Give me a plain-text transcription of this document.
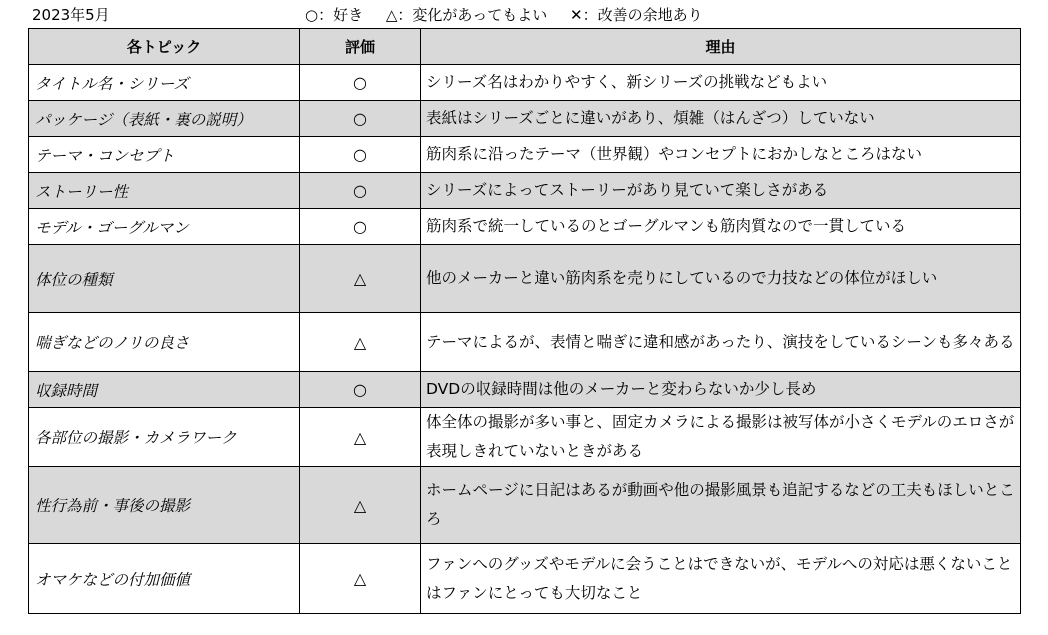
2023年5月	○：好き △：変化があってもよい ✕：改善の余地あり
各トピック	評価	理由
タイトル名・シリーズ	○	シリーズ名はわかりやすく、新シリーズの挑戦などもよい
パッケージ（表紙・裏の説明）	○	表紙はシリーズごとに違いがあり、煩雑（はんざつ）していない
テーマ・コンセプト	○	筋肉系に沿ったテーマ（世界観）やコンセプトにおかしなところはない
ストーリー性	○	シリーズによってストーリーがあり見ていて楽しさがある
モデル・ゴーグルマン	○	筋肉系で統一しているのとゴーグルマンも筋肉質なので一貫している
体位の種類	△	他のメーカーと違い筋肉系を売りにしているので力技などの体位がほしい
喘ぎなどのノリの良さ	△	テーマによるが、表情と喘ぎに違和感があったり、演技をしているシーンも多々ある
収録時間	○	DVDの収録時間は他のメーカーと変わらないか少し長め
各部位の撮影・カメラワーク	△	体全体の撮影が多い事と、固定カメラによる撮影は被写体が小さくモデルのエロさが表現しきれていないときがある
性行為前・事後の撮影	△	ホームページに日記はあるが動画や他の撮影風景も追記するなどの工夫もほしいところ
オマケなどの付加価値	△	ファンへのグッズやモデルに会うことはできないが、モデルへの対応は悪くないことはファンにとっても大切なこと
